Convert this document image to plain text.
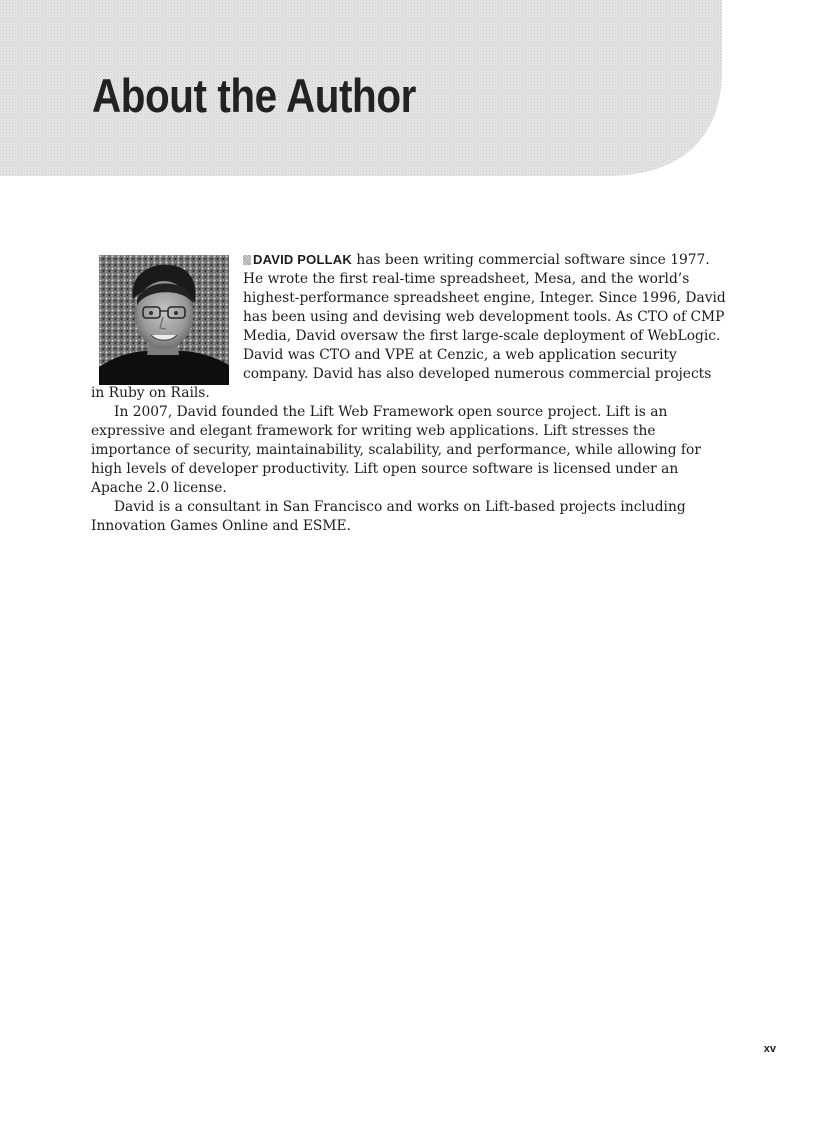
About the Author

DAVID POLLAK has been writing commercial software since 1977. He wrote the first real-time spreadsheet, Mesa, and the world’s highest-performance spreadsheet engine, Integer. Since 1996, David has been using and devising web development tools. As CTO of CMP Media, David oversaw the first large-scale deployment of WebLogic. David was CTO and VPE at Cenzic, a web application security company. David has also developed numerous commercial projects in Ruby on Rails.

In 2007, David founded the Lift Web Framework open source project. Lift is an expressive and elegant framework for writing web applications. Lift stresses the importance of security, maintainability, scalability, and performance, while allowing for high levels of developer productivity. Lift open source software is licensed under an Apache 2.0 license.

David is a consultant in San Francisco and works on Lift-based projects including Innovation Games Online and ESME.

xv
